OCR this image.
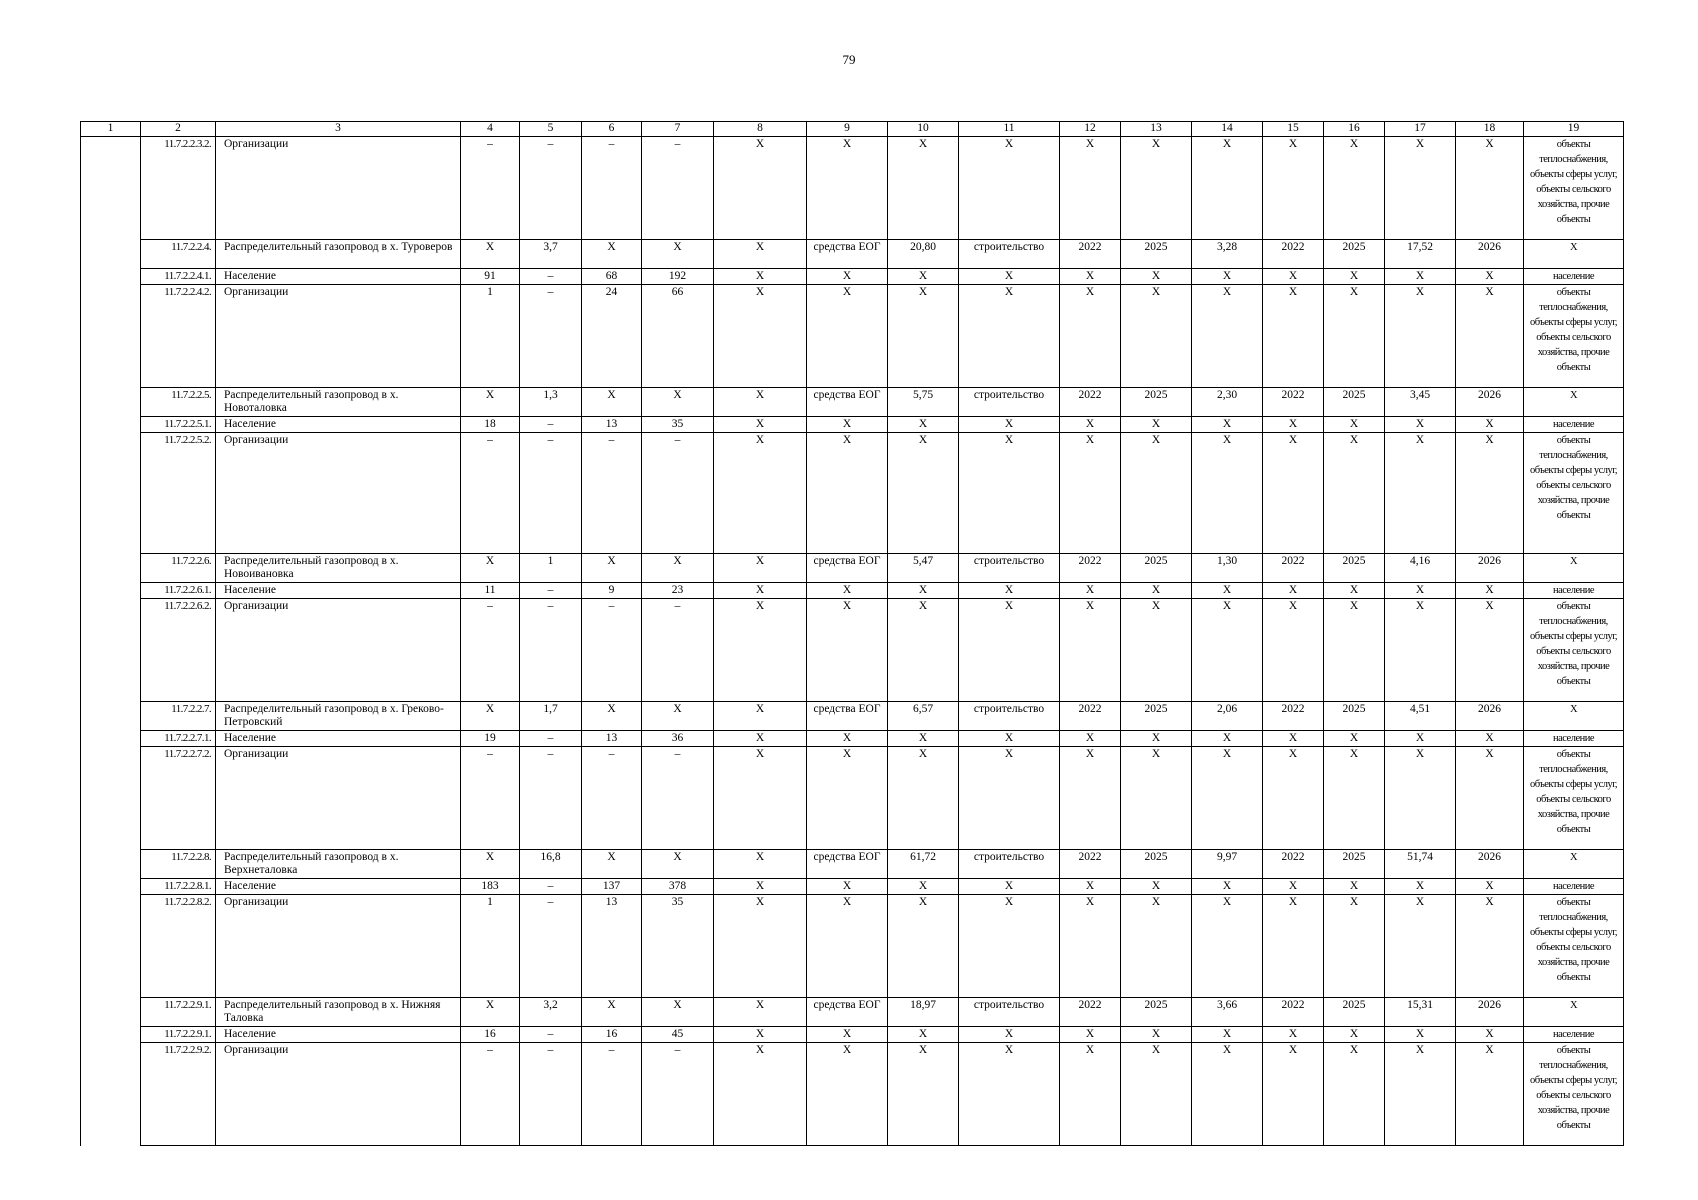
79
1	2	3	4	5	6	7	8	9	10	11	12	13	14	15	16	17	18	19
	11.7.2.2.3.2.	Организации	–	–	–	–	Х	Х	Х	Х	Х	Х	Х	Х	Х	Х	Х	объекты теплоснабжения, объекты сферы услуг, объекты сельского хозяйства, прочие объекты
	11.7.2.2.4.	Распределительный газопровод в х. Туроверов	Х	3,7	Х	Х	Х	средства ЕОГ	20,80	строительство	2022	2025	3,28	2022	2025	17,52	2026	Х
	11.7.2.2.4.1.	Население	91	–	68	192	Х	Х	Х	Х	Х	Х	Х	Х	Х	Х	Х	население
	11.7.2.2.4.2.	Организации	1	–	24	66	Х	Х	Х	Х	Х	Х	Х	Х	Х	Х	Х	объекты теплоснабжения, объекты сферы услуг, объекты сельского хозяйства, прочие объекты
	11.7.2.2.5.	Распределительный газопровод в х. Новоталовка	Х	1,3	Х	Х	Х	средства ЕОГ	5,75	строительство	2022	2025	2,30	2022	2025	3,45	2026	Х
	11.7.2.2.5.1.	Население	18	–	13	35	Х	Х	Х	Х	Х	Х	Х	Х	Х	Х	Х	население
	11.7.2.2.5.2.	Организации	–	–	–	–	Х	Х	Х	Х	Х	Х	Х	Х	Х	Х	Х	объекты теплоснабжения, объекты сферы услуг, объекты сельского хозяйства, прочие объекты
	11.7.2.2.6.	Распределительный газопровод в х. Новоивановка	Х	1	Х	Х	Х	средства ЕОГ	5,47	строительство	2022	2025	1,30	2022	2025	4,16	2026	Х
	11.7.2.2.6.1.	Население	11	–	9	23	Х	Х	Х	Х	Х	Х	Х	Х	Х	Х	Х	население
	11.7.2.2.6.2.	Организации	–	–	–	–	Х	Х	Х	Х	Х	Х	Х	Х	Х	Х	Х	объекты теплоснабжения, объекты сферы услуг, объекты сельского хозяйства, прочие объекты
	11.7.2.2.7.	Распределительный газопровод в х. Греково-Петровский	Х	1,7	Х	Х	Х	средства ЕОГ	6,57	строительство	2022	2025	2,06	2022	2025	4,51	2026	Х
	11.7.2.2.7.1.	Население	19	–	13	36	Х	Х	Х	Х	Х	Х	Х	Х	Х	Х	Х	население
	11.7.2.2.7.2.	Организации	–	–	–	–	Х	Х	Х	Х	Х	Х	Х	Х	Х	Х	Х	объекты теплоснабжения, объекты сферы услуг, объекты сельского хозяйства, прочие объекты
	11.7.2.2.8.	Распределительный газопровод в х. Верхнеталовка	Х	16,8	Х	Х	Х	средства ЕОГ	61,72	строительство	2022	2025	9,97	2022	2025	51,74	2026	Х
	11.7.2.2.8.1.	Население	183	–	137	378	Х	Х	Х	Х	Х	Х	Х	Х	Х	Х	Х	население
	11.7.2.2.8.2.	Организации	1	–	13	35	Х	Х	Х	Х	Х	Х	Х	Х	Х	Х	Х	объекты теплоснабжения, объекты сферы услуг, объекты сельского хозяйства, прочие объекты
	11.7.2.2.9.1.	Распределительный газопровод в х. Нижняя Таловка	Х	3,2	Х	Х	Х	средства ЕОГ	18,97	строительство	2022	2025	3,66	2022	2025	15,31	2026	Х
	11.7.2.2.9.1.	Население	16	–	16	45	Х	Х	Х	Х	Х	Х	Х	Х	Х	Х	Х	население
	11.7.2.2.9.2.	Организации	–	–	–	–	Х	Х	Х	Х	Х	Х	Х	Х	Х	Х	Х	объекты теплоснабжения, объекты сферы услуг, объекты сельского хозяйства, прочие объекты
